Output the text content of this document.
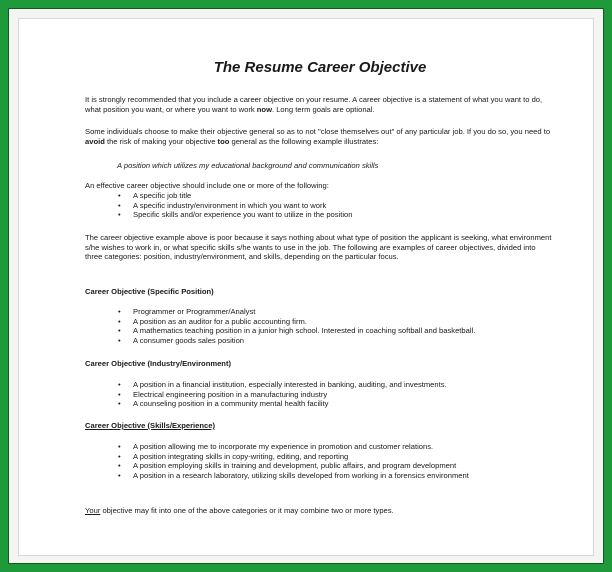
The Resume Career Objective

It is strongly recommended that you include a career objective on your resume. A career objective is a statement of what you want to do, what position you want, or where you want to work now. Long term goals are optional.

Some individuals choose to make their objective general so as to not "close themselves out" of any particular job. If you do so, you need to avoid the risk of making your objective too general as the following example illustrates:

A position which utilizes my educational background and communication skills

An effective career objective should include one or more of the following:

• A specific job title
• A specific industry/environment in which you want to work
• Specific skills and/or experience you want to utilize in the position

The career objective example above is poor because it says nothing about what type of position the applicant is seeking, what environment s/he wishes to work in, or what specific skills s/he wants to use in the job. The following are examples of career objectives, divided into three categories: position, industry/environment, and skills, depending on the particular focus.

Career Objective (Specific Position)

• Programmer or Programmer/Analyst
• A position as an auditor for a public accounting firm.
• A mathematics teaching position in a junior high school. Interested in coaching softball and basketball.
• A consumer goods sales position

Career Objective (Industry/Environment)

• A position in a financial institution, especially interested in banking, auditing, and investments.
• Electrical engineering position in a manufacturing industry
• A counseling position in a community mental health facility

Career Objective (Skills/Experience)

• A position allowing me to incorporate my experience in promotion and customer relations.
• A position integrating skills in copy-writing, editing, and reporting
• A position employing skills in training and development, public affairs, and program development
• A position in a research laboratory, utilizing skills developed from working in a forensics environment

Your objective may fit into one of the above categories or it may combine two or more types.
